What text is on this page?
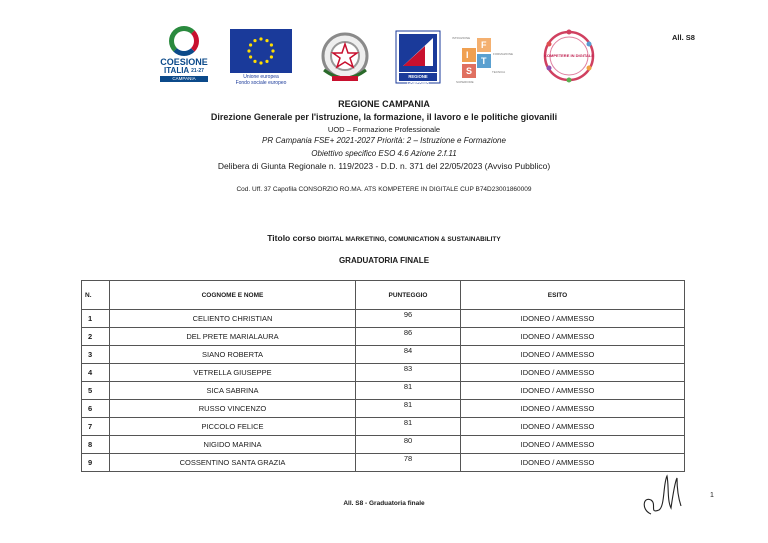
COESIONE
ITALIA $^{21-27}$
CAMPANIA	Unione europea
Fondo sociale europeo
REGIONE CAMPANIA
I
F
T
S
ISTRUZIONE
FORMAZIONE
TECNICA
SUPERIORE
KOMPETERE IN DIGITALE
All. S8
REGIONE CAMPANIA
Direzione Generale per l'istruzione, la formazione, il lavoro e le politiche giovanili
UOD – Formazione Professionale
PR Campania FSE+ 2021-2027 Priorità: 2 – Istruzione e Formazione
Obiettivo specifico ESO 4.6 Azione 2.f.11
Delibera di Giunta Regionale n. 119/2023 - D.D. n. 371 del 22/05/2023 (Avviso Pubblico)
Cod. Uff. 37 Capofila CONSORZIO RO.MA. ATS KOMPETERE IN DIGITALE CUP B74D23001860009
Titolo corso DIGITAL MARKETING, COMUNICATION & SUSTAINABILITY
GRADUATORIA FINALE
N.	COGNOME E NOME	PUNTEGGIO	ESITO
1	CELIENTO CHRISTIAN	96	IDONEO / AMMESSO
2	DEL PRETE MARIALAURA	86	IDONEO / AMMESSO
3	SIANO ROBERTA	84	IDONEO / AMMESSO
4	VETRELLA GIUSEPPE	83	IDONEO / AMMESSO
5	SICA SABRINA	81	IDONEO / AMMESSO
6	RUSSO VINCENZO	81	IDONEO / AMMESSO
7	PICCOLO FELICE	81	IDONEO / AMMESSO
8	NIGIDO MARINA	80	IDONEO / AMMESSO
9	COSSENTINO SANTA GRAZIA	78	IDONEO / AMMESSO
1
All. S8 - Graduatoria finale
